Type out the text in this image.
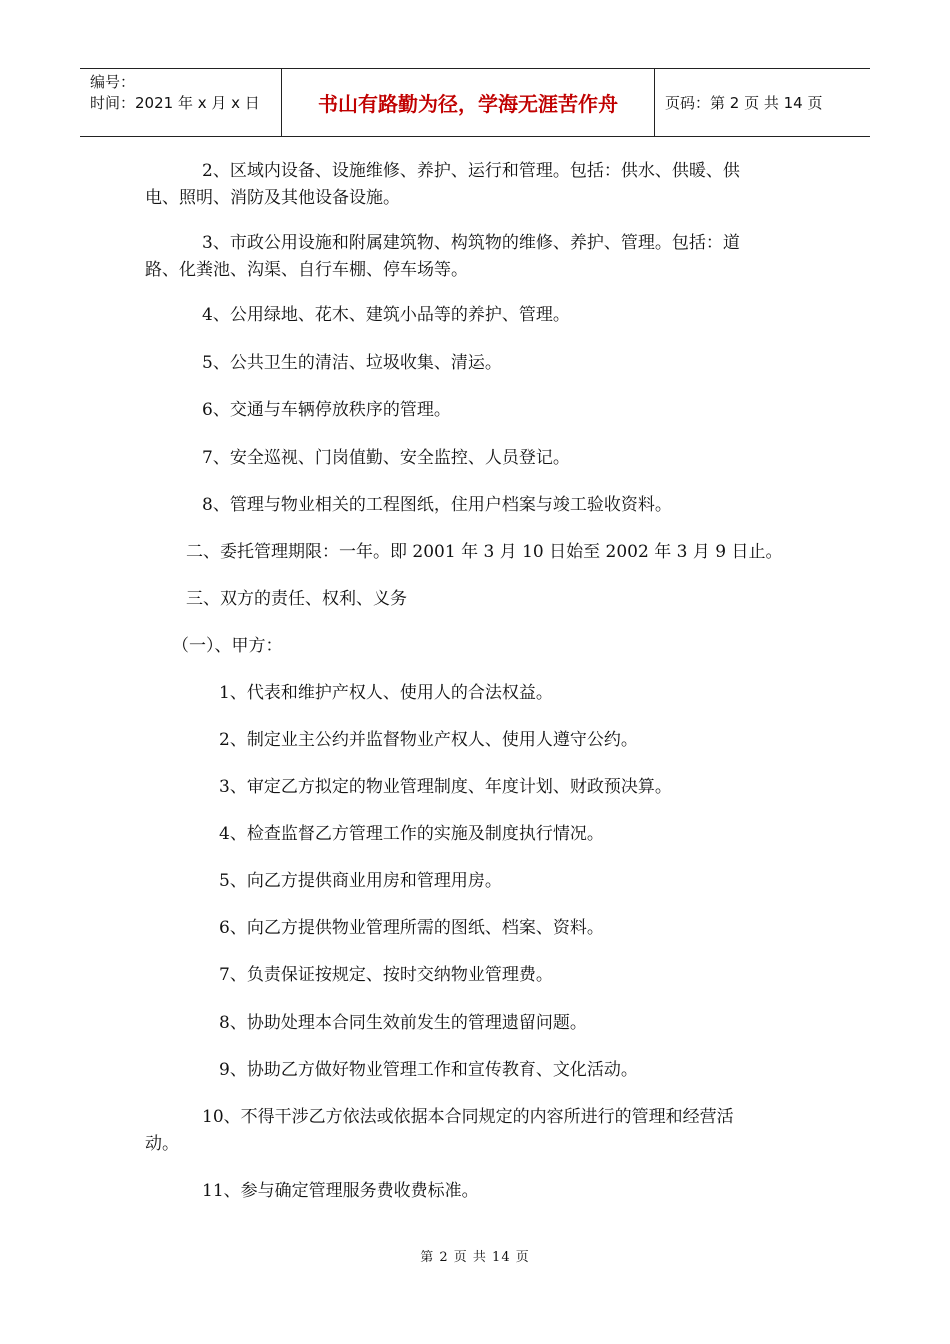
编号：
时间：2021 年 x 月 x 日	书山有路勤为径，学海无涯苦作舟	页码：第 2 页 共 14 页
2、区域内设备、设施维修、养护、运行和管理。包括：供水、供暖、供
电、照明、消防及其他设备设施。
3、市政公用设施和附属建筑物、构筑物的维修、养护、管理。包括：道
路、化粪池、沟渠、自行车棚、停车场等。
4、公用绿地、花木、建筑小品等的养护、管理。
5、公共卫生的清洁、垃圾收集、清运。
6、交通与车辆停放秩序的管理。
7、安全巡视、门岗值勤、安全监控、人员登记。
8、管理与物业相关的工程图纸，住用户档案与竣工验收资料。
二、委托管理期限：一年。即 2001 年 3 月 10 日始至 2002 年 3 月 9 日止。
三、双方的责任、权利、义务
（一）、甲方：
1、代表和维护产权人、使用人的合法权益。
2、制定业主公约并监督物业产权人、使用人遵守公约。
3、审定乙方拟定的物业管理制度、年度计划、财政预决算。
4、检查监督乙方管理工作的实施及制度执行情况。
5、向乙方提供商业用房和管理用房。
6、向乙方提供物业管理所需的图纸、档案、资料。
7、负责保证按规定、按时交纳物业管理费。
8、协助处理本合同生效前发生的管理遗留问题。
9、协助乙方做好物业管理工作和宣传教育、文化活动。
10、不得干涉乙方依法或依据本合同规定的内容所进行的管理和经营活
动。
11、参与确定管理服务费收费标准。
第 2 页 共 14 页
